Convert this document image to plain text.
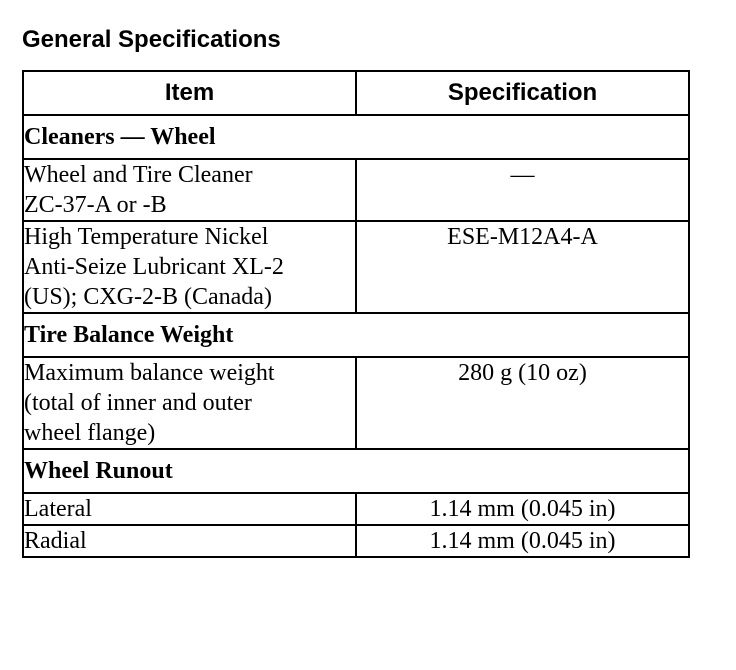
General Specifications
Item	Specification
Cleaners — Wheel	
Wheel and Tire Cleaner
ZC-37-A or -B	—
High Temperature Nickel
Anti-Seize Lubricant XL-2
(US); CXG-2-B (Canada)	ESE-M12A4-A
Tire Balance Weight	
Maximum balance weight
(total of inner and outer
wheel flange)	280 g (10 oz)
Wheel Runout	
Lateral	1.14 mm (0.045 in)
Radial	1.14 mm (0.045 in)
